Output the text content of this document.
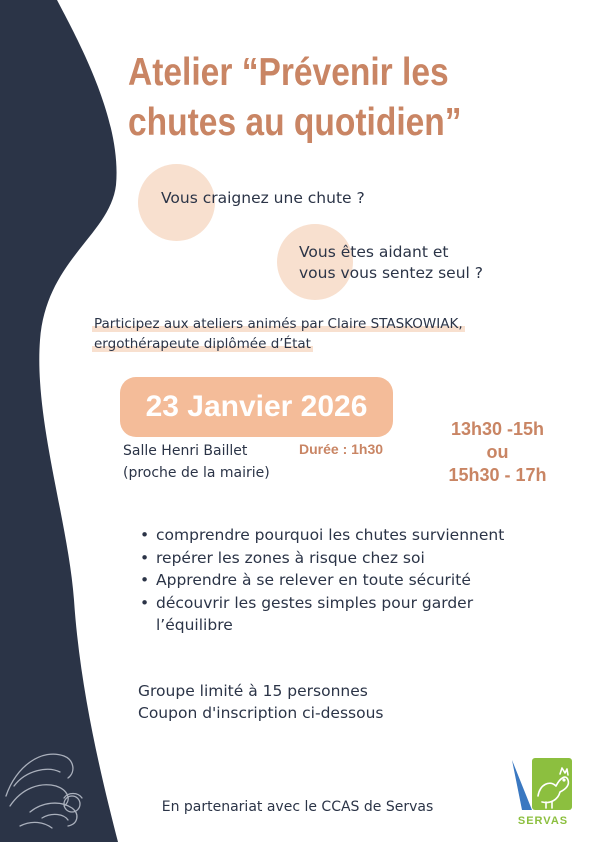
Atelier “Prévenir les
chutes au quotidien”
Vous craignez une chute ?
Vous êtes aidant et
vous vous sentez seul ?
Participez aux ateliers animés par Claire STASKOWIAK,
ergothérapeute diplômée d’État
23 Janvier 2026
Salle Henri Baillet
(proche de la mairie)
Durée : 1h30
13h30 -15h
ou
15h30 - 17h
• comprendre pourquoi les chutes surviennent
• repérer les zones à risque chez soi
• Apprendre à se relever en toute sécurité
• découvrir les gestes simples pour garder
l’équilibre
Groupe limité à 15 personnes
Coupon d'inscription ci-dessous
En partenariat avec le CCAS de Servas
SERVAS
